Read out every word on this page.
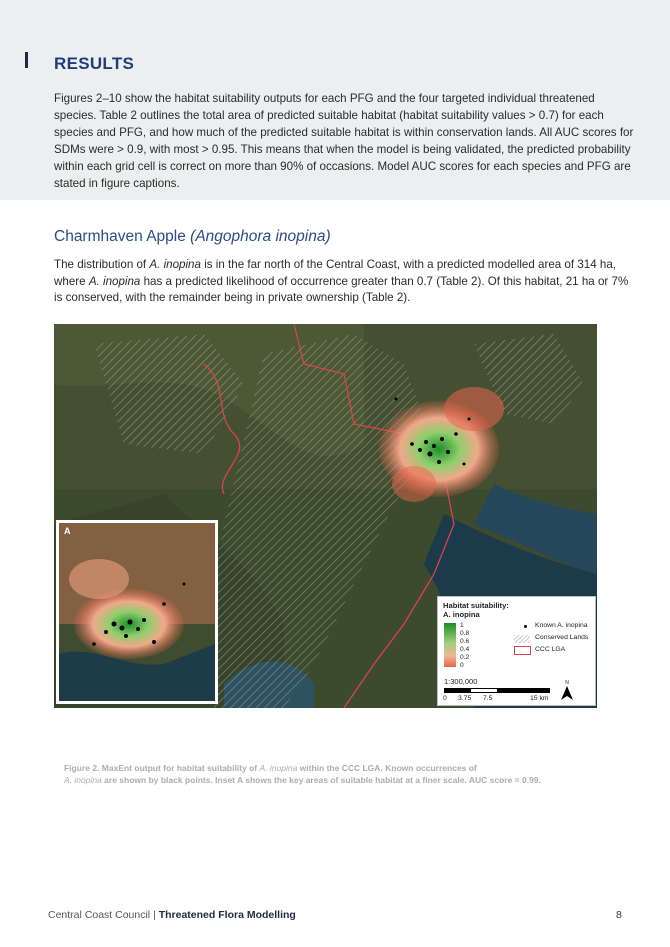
RESULTS

Figures 2–10 show the habitat suitability outputs for each PFG and the four targeted individual threatened species. Table 2 outlines the total area of predicted suitable habitat (habitat suitability values > 0.7) for each species and PFG, and how much of the predicted suitable habitat is within conservation lands. All AUC scores for SDMs were > 0.9, with most > 0.95. This means that when the model is being validated, the predicted probability within each grid cell is correct on more than 90% of occasions. Model AUC scores for each species and PFG are stated in figure captions.

Charmhaven Apple (Angophora inopina)

The distribution of A. inopina is in the far north of the Central Coast, with a predicted modelled area of 314 ha, where A. inopina has a predicted likelihood of occurrence greater than 0.7 (Table 2). Of this habitat, 21 ha or 7% is conserved, with the remainder being in private ownership (Table 2).

A
Habitat suitability:
A. inopina
1
0.8
0.6
0.4
0.2
0
Known A. inopina
Conserved Lands
CCC LGA
1:300,000
0 3.75 7.5	15 km
N

Figure 2. MaxEnt output for habitat suitability of A. inopina within the CCC LGA. Known occurrences of
A. inopina are shown by black points. Inset A shows the key areas of suitable habitat at a finer scale. AUC score = 0.99.

Central Coast Council | Threatened Flora Modelling	8
